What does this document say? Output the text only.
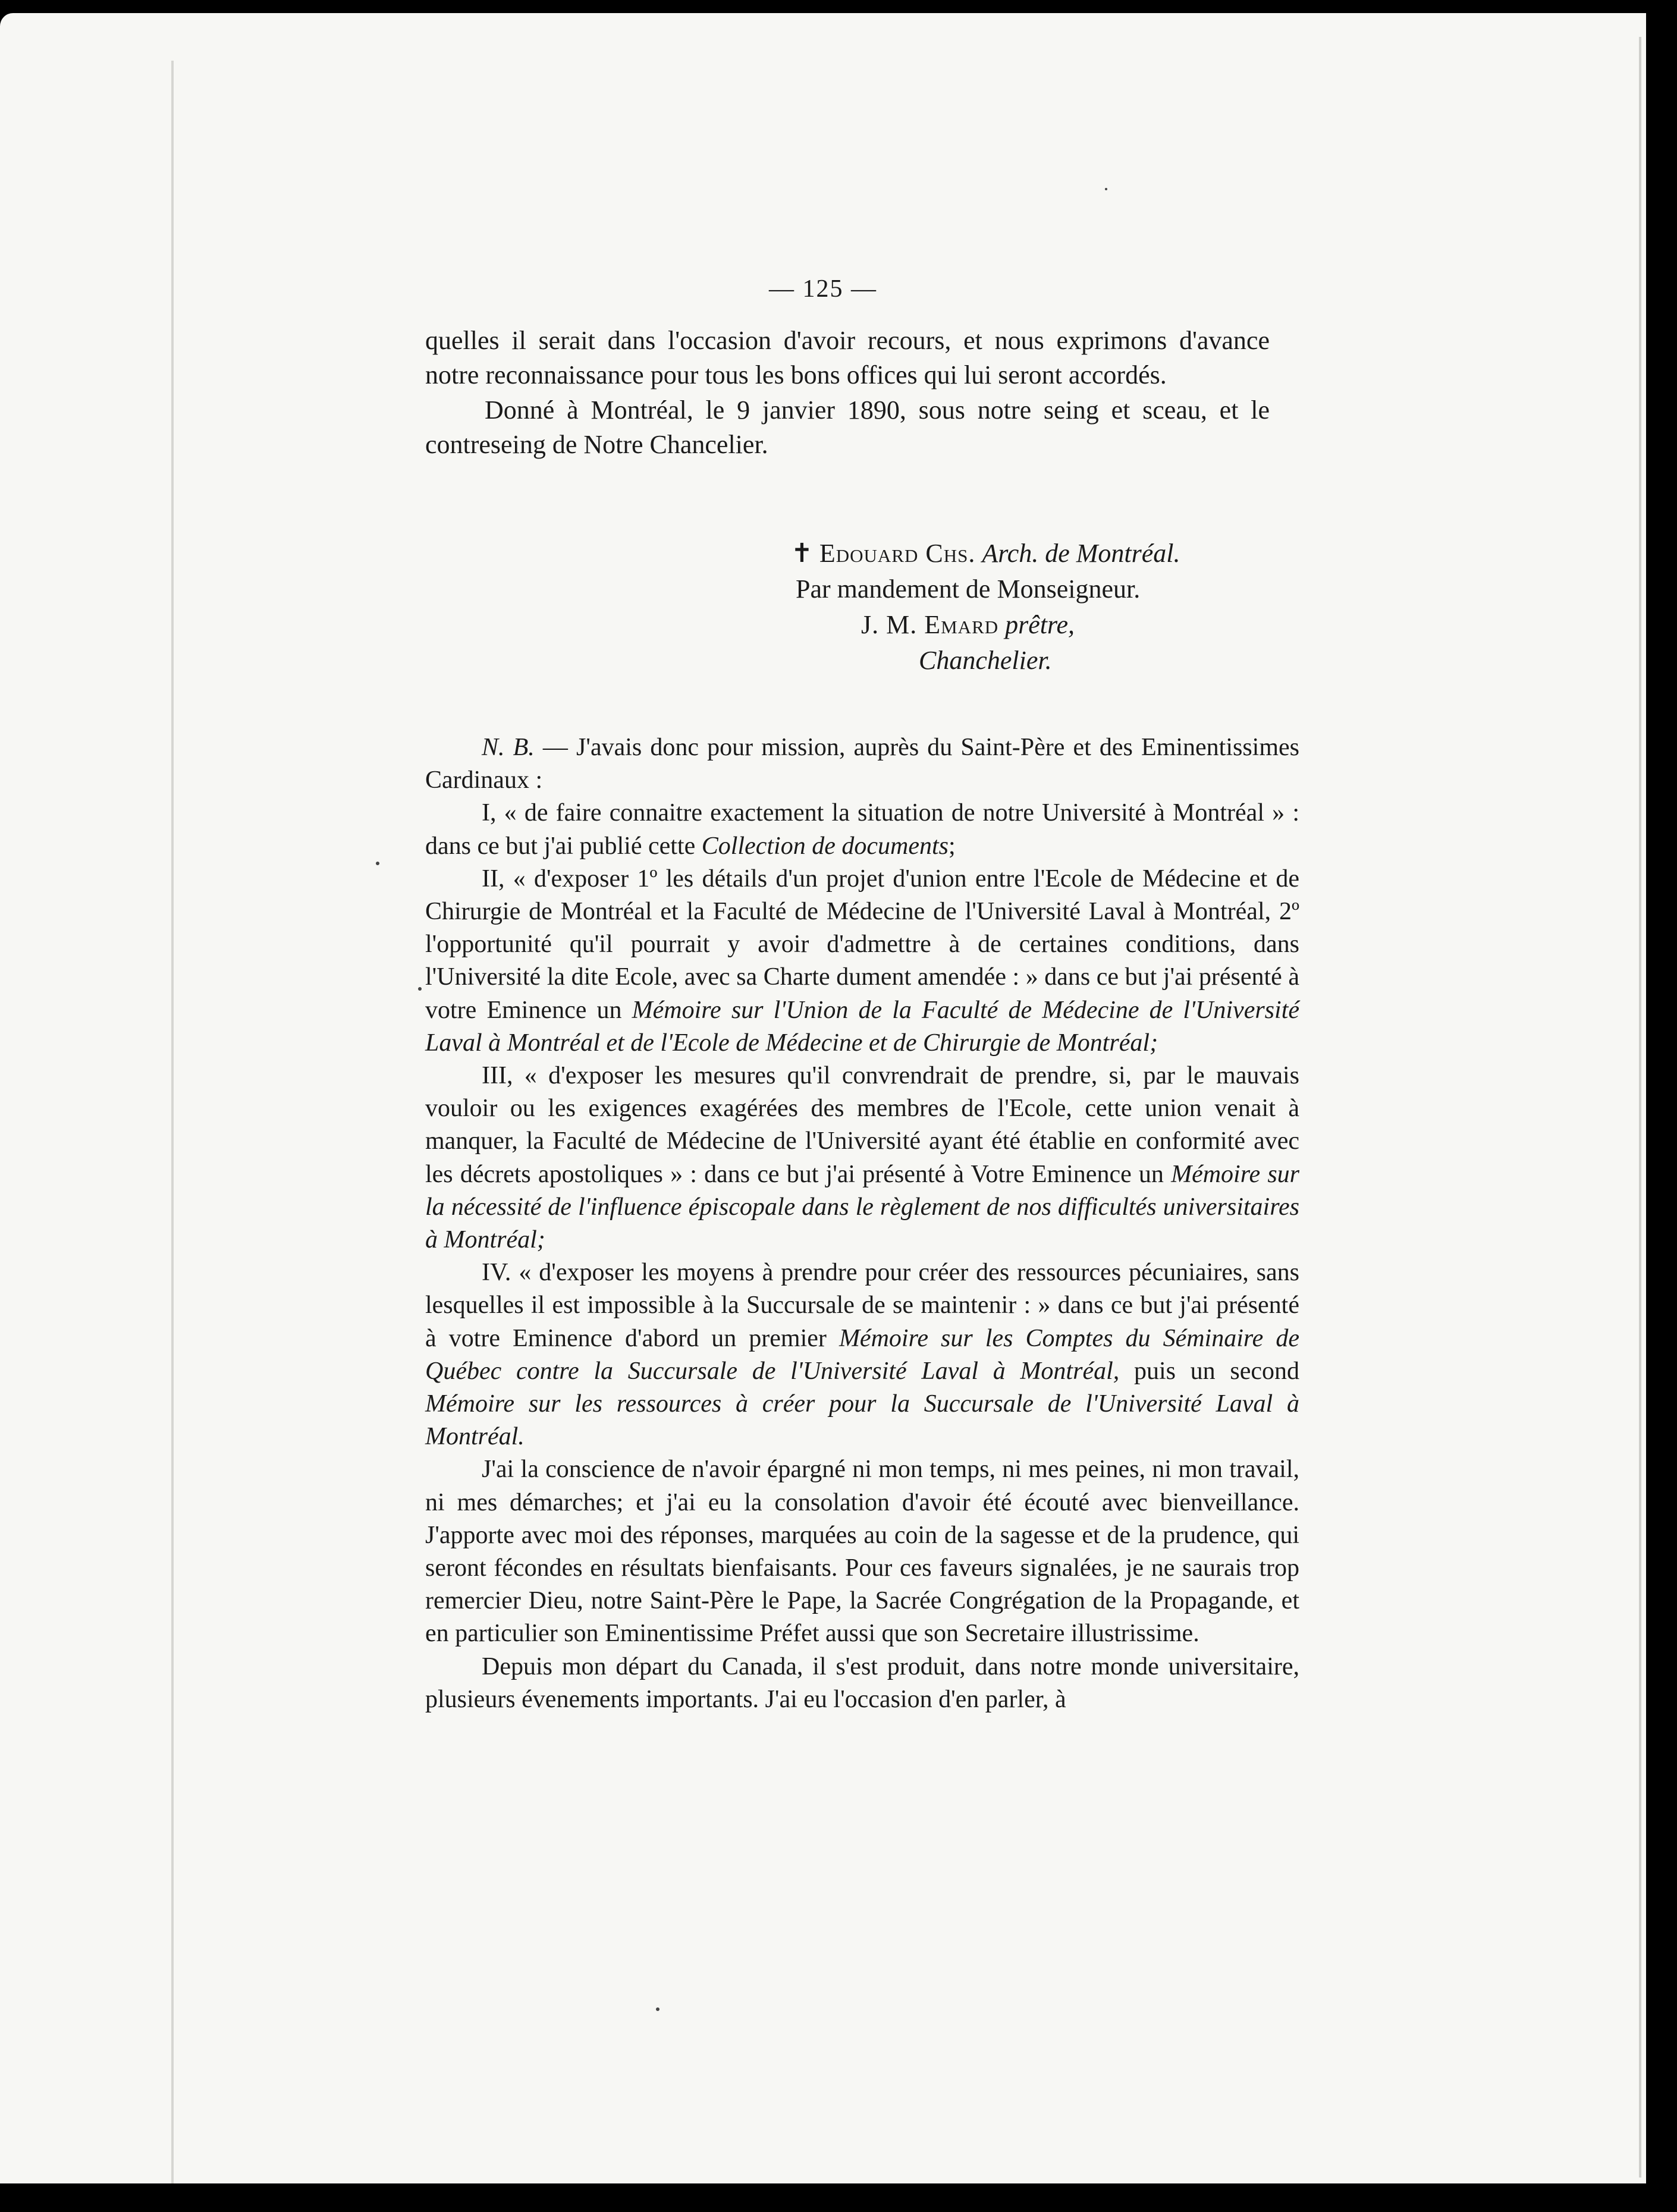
— 125 —

quelles il serait dans l'occasion d'avoir recours, et nous exprimons d'avance notre reconnaissance pour tous les bons offices qui lui seront accordés.

Donné à Montréal, le 9 janvier 1890, sous notre seing et sceau, et le contreseing de Notre Chancelier.

✝ Edouard Chs. Arch. de Montréal.
Par mandement de Monseigneur.
J. M. Emard prêtre,
Chanchelier.

N. B. — J'avais donc pour mission, auprès du Saint-Père et des Eminentissimes Cardinaux :

I, « de faire connaitre exactement la situation de notre Université à Montréal » : dans ce but j'ai publié cette Collection de documents;

II, « d'exposer 1º les détails d'un projet d'union entre l'Ecole de Médecine et de Chirurgie de Montréal et la Faculté de Médecine de l'Université Laval à Montréal, 2º l'opportunité qu'il pourrait y avoir d'admettre à de certaines conditions, dans l'Université la dite Ecole, avec sa Charte dument amendée : » dans ce but j'ai présenté à votre Eminence un Mémoire sur l'Union de la Faculté de Médecine de l'Université Laval à Montréal et de l'Ecole de Médecine et de Chirurgie de Montréal;

III, « d'exposer les mesures qu'il convrendrait de prendre, si, par le mauvais vouloir ou les exigences exagérées des membres de l'Ecole, cette union venait à manquer, la Faculté de Médecine de l'Université ayant été établie en conformité avec les décrets apostoliques » : dans ce but j'ai présenté à Votre Eminence un Mémoire sur la nécessité de l'influence épiscopale dans le règlement de nos difficultés universitaires à Montréal;

IV. « d'exposer les moyens à prendre pour créer des ressources pécuniaires, sans lesquelles il est impossible à la Succursale de se maintenir : » dans ce but j'ai présenté à votre Eminence d'abord un premier Mémoire sur les Comptes du Séminaire de Québec contre la Succursale de l'Université Laval à Montréal, puis un second Mémoire sur les ressources à créer pour la Succursale de l'Université Laval à Montréal.

J'ai la conscience de n'avoir épargné ni mon temps, ni mes peines, ni mon travail, ni mes démarches; et j'ai eu la consolation d'avoir été écouté avec bienveillance. J'apporte avec moi des réponses, marquées au coin de la sagesse et de la prudence, qui seront fécondes en résultats bienfaisants. Pour ces faveurs signalées, je ne saurais trop remercier Dieu, notre Saint-Père le Pape, la Sacrée Congrégation de la Propagande, et en particulier son Eminentissime Préfet aussi que son Secretaire illustrissime.

Depuis mon départ du Canada, il s'est produit, dans notre monde universitaire, plusieurs évenements importants. J'ai eu l'occasion d'en parler, à
